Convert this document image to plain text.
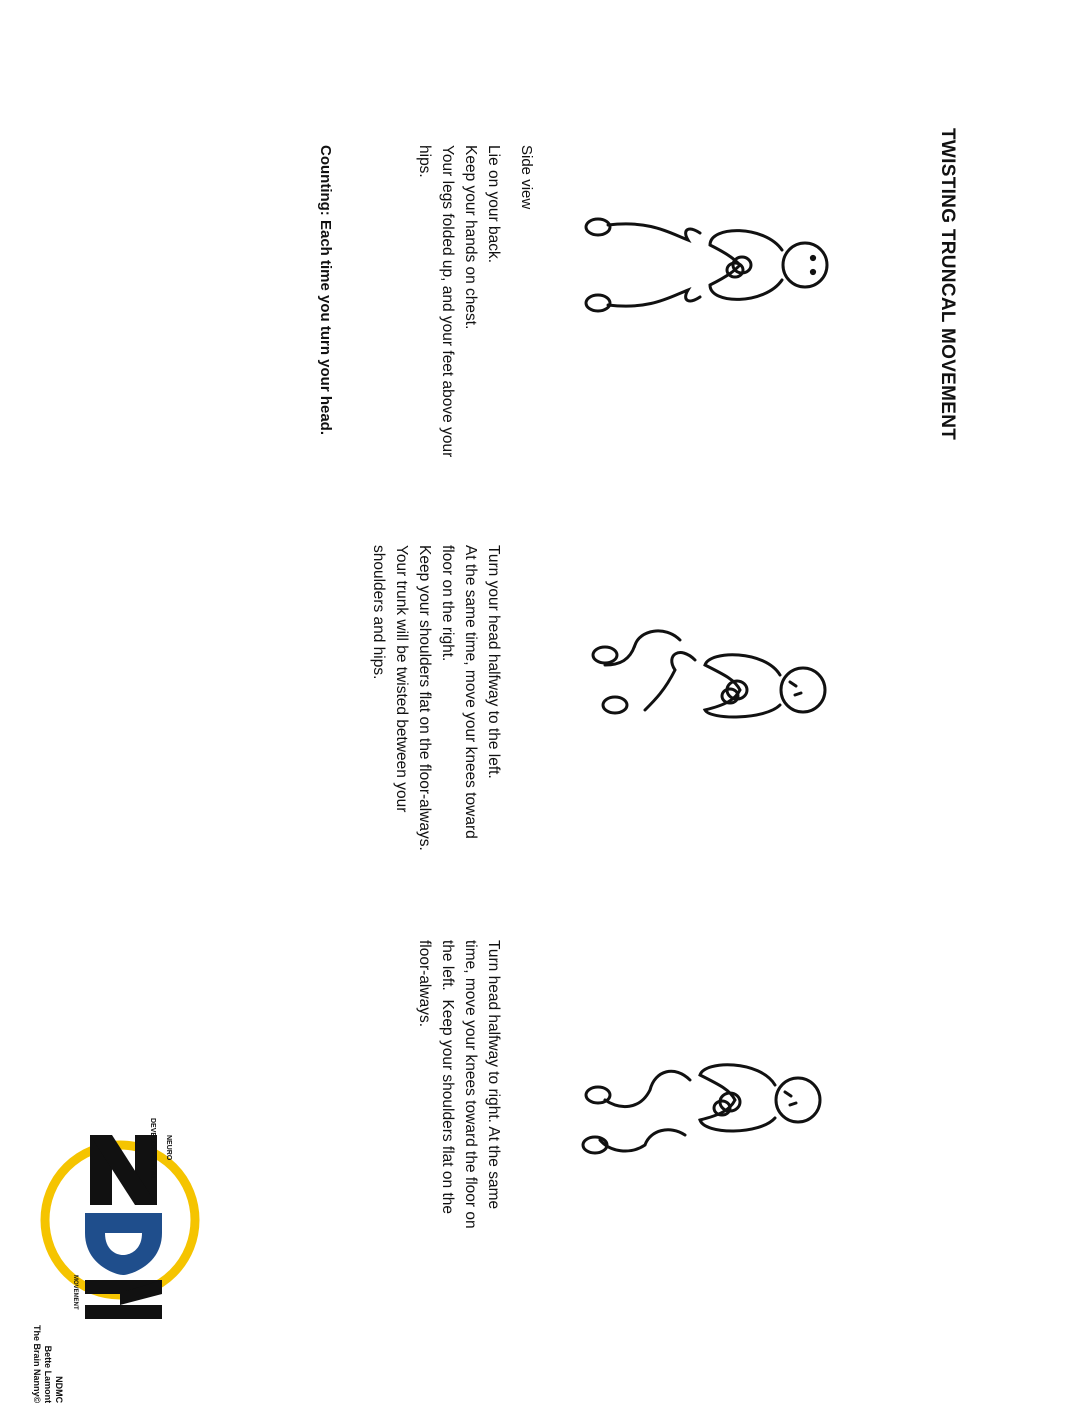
TWISTING TRUNCAL MOVEMENT
Side view
Lie on your back.
Keep your hands on chest.
Your legs folded up, and your feet above your
hips.
Turn your head halfway to the left.
At the same time, move your knees toward
floor on the right.
Keep your shoulders flat on the floor-always.
Your trunk will be twisted between your
shoulders and hips.
Turn head halfway to right. At the same
time, move your knees toward the floor on
the left.  Keep your shoulders flat on the
floor-always.
Counting: Each time you turn your head.
NEURO
DEVELOPMENTAL
MOVEMENT
NDMC
Bette Lamont
The Brain Nanny©
